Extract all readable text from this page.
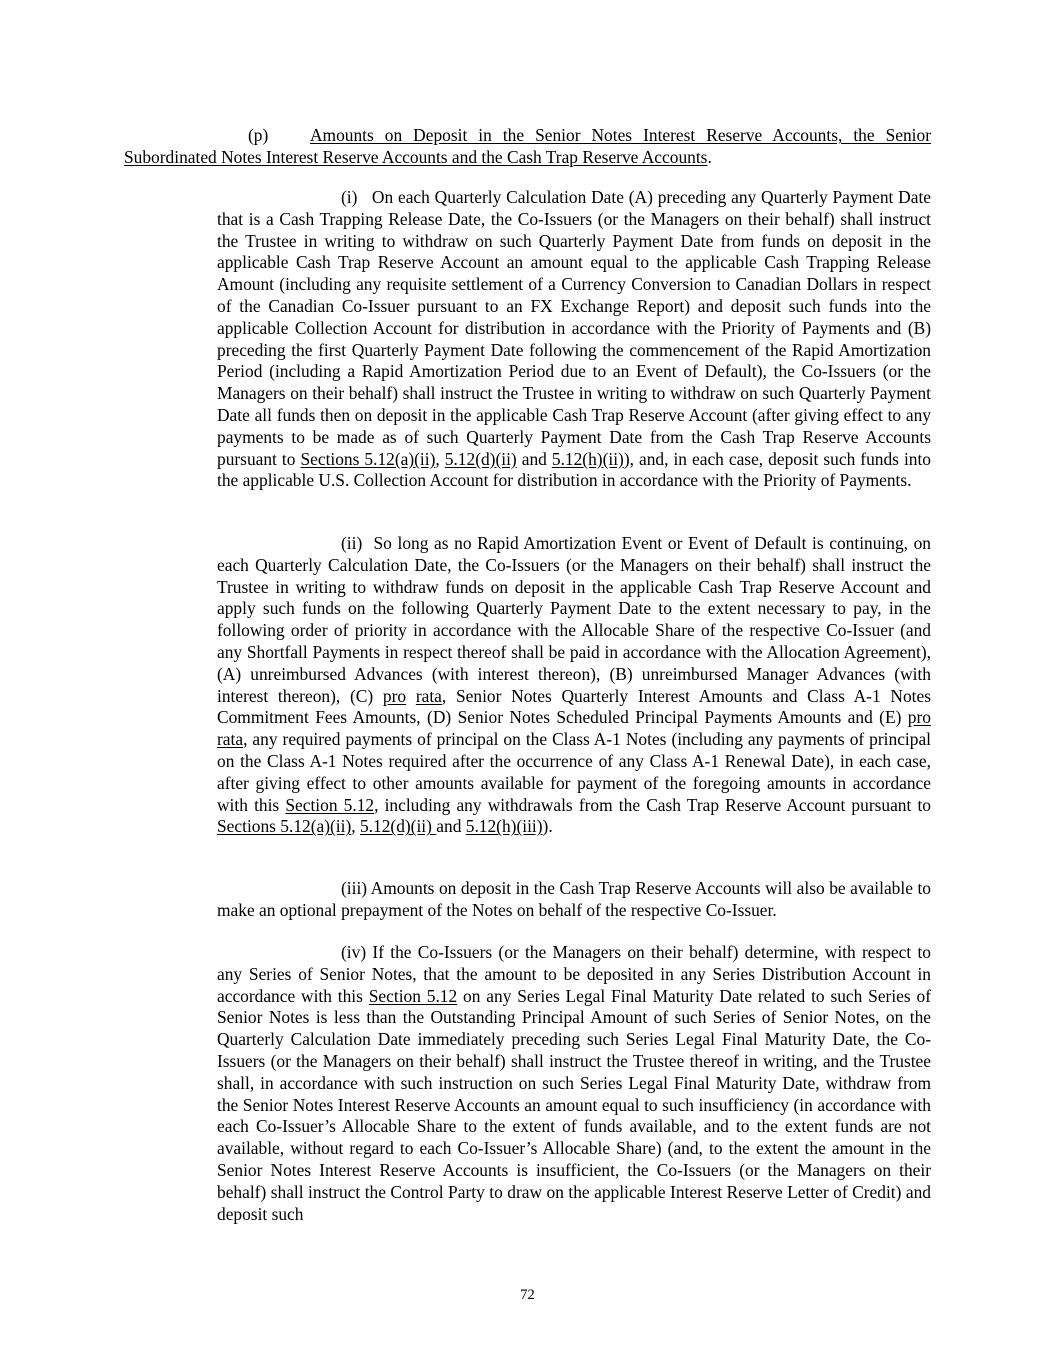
(p) Amounts on Deposit in the Senior Notes Interest Reserve Accounts, the Senior Subordinated Notes Interest Reserve Accounts and the Cash Trap Reserve Accounts.

(i) On each Quarterly Calculation Date (A) preceding any Quarterly Payment Date that is a Cash Trapping Release Date, the Co-Issuers (or the Managers on their behalf) shall instruct the Trustee in writing to withdraw on such Quarterly Payment Date from funds on deposit in the applicable Cash Trap Reserve Account an amount equal to the applicable Cash Trapping Release Amount (including any requisite settlement of a Currency Conversion to Canadian Dollars in respect of the Canadian Co-Issuer pursuant to an FX Exchange Report) and deposit such funds into the applicable Collection Account for distribution in accordance with the Priority of Payments and (B) preceding the first Quarterly Payment Date following the commencement of the Rapid Amortization Period (including a Rapid Amortization Period due to an Event of Default), the Co-Issuers (or the Managers on their behalf) shall instruct the Trustee in writing to withdraw on such Quarterly Payment Date all funds then on deposit in the applicable Cash Trap Reserve Account (after giving effect to any payments to be made as of such Quarterly Payment Date from the Cash Trap Reserve Accounts pursuant to Sections 5.12(a)(ii), 5.12(d)(ii) and 5.12(h)(ii)), and, in each case, deposit such funds into the applicable U.S. Collection Account for distribution in accordance with the Priority of Payments.

(ii) So long as no Rapid Amortization Event or Event of Default is continuing, on each Quarterly Calculation Date, the Co-Issuers (or the Managers on their behalf) shall instruct the Trustee in writing to withdraw funds on deposit in the applicable Cash Trap Reserve Account and apply such funds on the following Quarterly Payment Date to the extent necessary to pay, in the following order of priority in accordance with the Allocable Share of the respective Co-Issuer (and any Shortfall Payments in respect thereof shall be paid in accordance with the Allocation Agreement), (A) unreimbursed Advances (with interest thereon), (B) unreimbursed Manager Advances (with interest thereon), (C) pro rata, Senior Notes Quarterly Interest Amounts and Class A-1 Notes Commitment Fees Amounts, (D) Senior Notes Scheduled Principal Payments Amounts and (E) pro rata, any required payments of principal on the Class A-1 Notes (including any payments of principal on the Class A-1 Notes required after the occurrence of any Class A-1 Renewal Date), in each case, after giving effect to other amounts available for payment of the foregoing amounts in accordance with this Section 5.12, including any withdrawals from the Cash Trap Reserve Account pursuant to Sections 5.12(a)(ii), 5.12(d)(ii) and 5.12(h)(iii)).

(iii) Amounts on deposit in the Cash Trap Reserve Accounts will also be available to make an optional prepayment of the Notes on behalf of the respective Co-Issuer.

(iv) If the Co-Issuers (or the Managers on their behalf) determine, with respect to any Series of Senior Notes, that the amount to be deposited in any Series Distribution Account in accordance with this Section 5.12 on any Series Legal Final Maturity Date related to such Series of Senior Notes is less than the Outstanding Principal Amount of such Series of Senior Notes, on the Quarterly Calculation Date immediately preceding such Series Legal Final Maturity Date, the Co-Issuers (or the Managers on their behalf) shall instruct the Trustee thereof in writing, and the Trustee shall, in accordance with such instruction on such Series Legal Final Maturity Date, withdraw from the Senior Notes Interest Reserve Accounts an amount equal to such insufficiency (in accordance with each Co-Issuer’s Allocable Share to the extent of funds available, and to the extent funds are not available, without regard to each Co-Issuer’s Allocable Share) (and, to the extent the amount in the Senior Notes Interest Reserve Accounts is insufficient, the Co-Issuers (or the Managers on their behalf) shall instruct the Control Party to draw on the applicable Interest Reserve Letter of Credit) and deposit such

72
